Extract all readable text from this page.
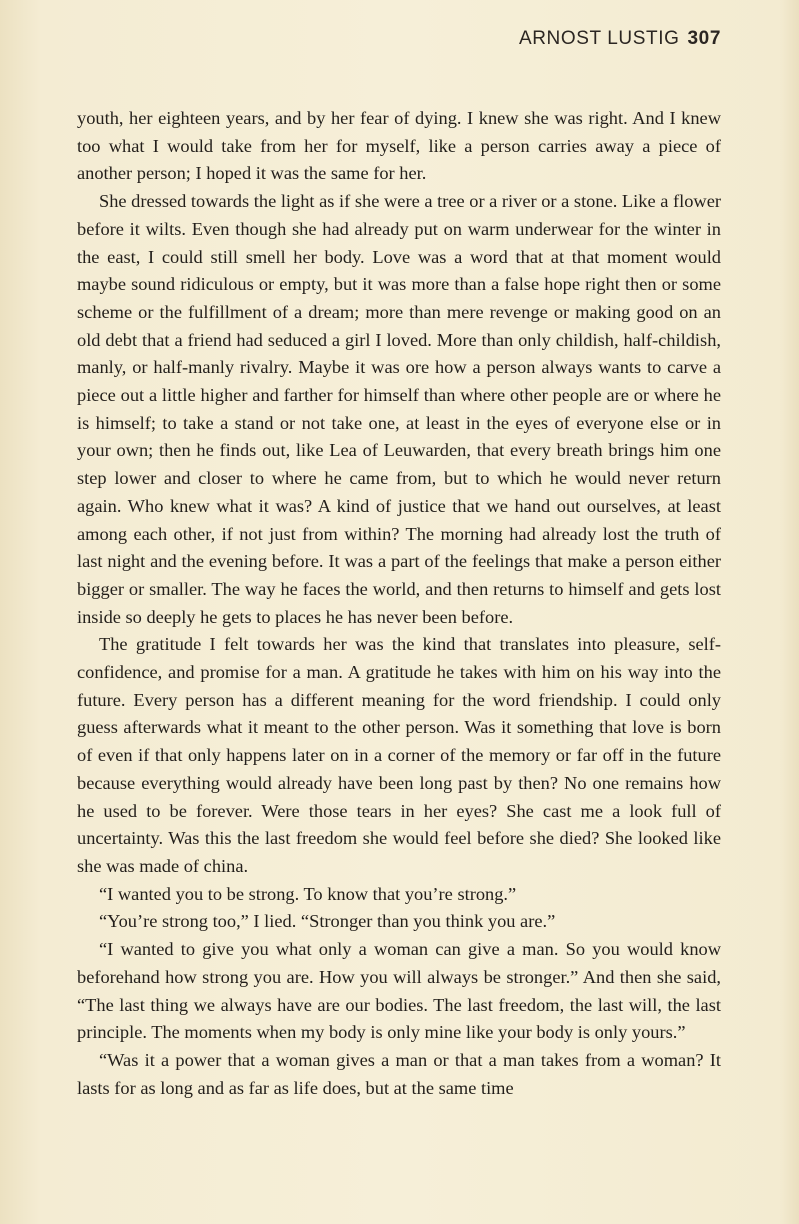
ARNOST LUSTIG 307

youth, her eighteen years, and by her fear of dying. I knew she was right. And I knew too what I would take from her for myself, like a person carries away a piece of another person; I hoped it was the same for her.

She dressed towards the light as if she were a tree or a river or a stone. Like a flower before it wilts. Even though she had already put on warm underwear for the winter in the east, I could still smell her body. Love was a word that at that moment would maybe sound ridiculous or empty, but it was more than a false hope right then or some scheme or the fulfillment of a dream; more than mere revenge or making good on an old debt that a friend had seduced a girl I loved. More than only childish, half-childish, manly, or half-manly rivalry. Maybe it was ore how a person always wants to carve a piece out a little higher and farther for himself than where other people are or where he is himself; to take a stand or not take one, at least in the eyes of everyone else or in your own; then he finds out, like Lea of Leuwarden, that every breath brings him one step lower and closer to where he came from, but to which he would never return again. Who knew what it was? A kind of justice that we hand out ourselves, at least among each other, if not just from within? The morning had already lost the truth of last night and the evening before. It was a part of the feelings that make a person either bigger or smaller. The way he faces the world, and then returns to himself and gets lost inside so deeply he gets to places he has never been before.

The gratitude I felt towards her was the kind that translates into pleasure, self-confidence, and promise for a man. A gratitude he takes with him on his way into the future. Every person has a different meaning for the word friendship. I could only guess afterwards what it meant to the other person. Was it something that love is born of even if that only happens later on in a corner of the memory or far off in the future because everything would already have been long past by then? No one remains how he used to be forever. Were those tears in her eyes? She cast me a look full of uncertainty. Was this the last freedom she would feel before she died? She looked like she was made of china.

“I wanted you to be strong. To know that you’re strong.”

“You’re strong too,” I lied. “Stronger than you think you are.”

“I wanted to give you what only a woman can give a man. So you would know beforehand how strong you are. How you will always be stronger.” And then she said, “The last thing we always have are our bodies. The last freedom, the last will, the last principle. The moments when my body is only mine like your body is only yours.”

“Was it a power that a woman gives a man or that a man takes from a woman? It lasts for as long and as far as life does, but at the same time
